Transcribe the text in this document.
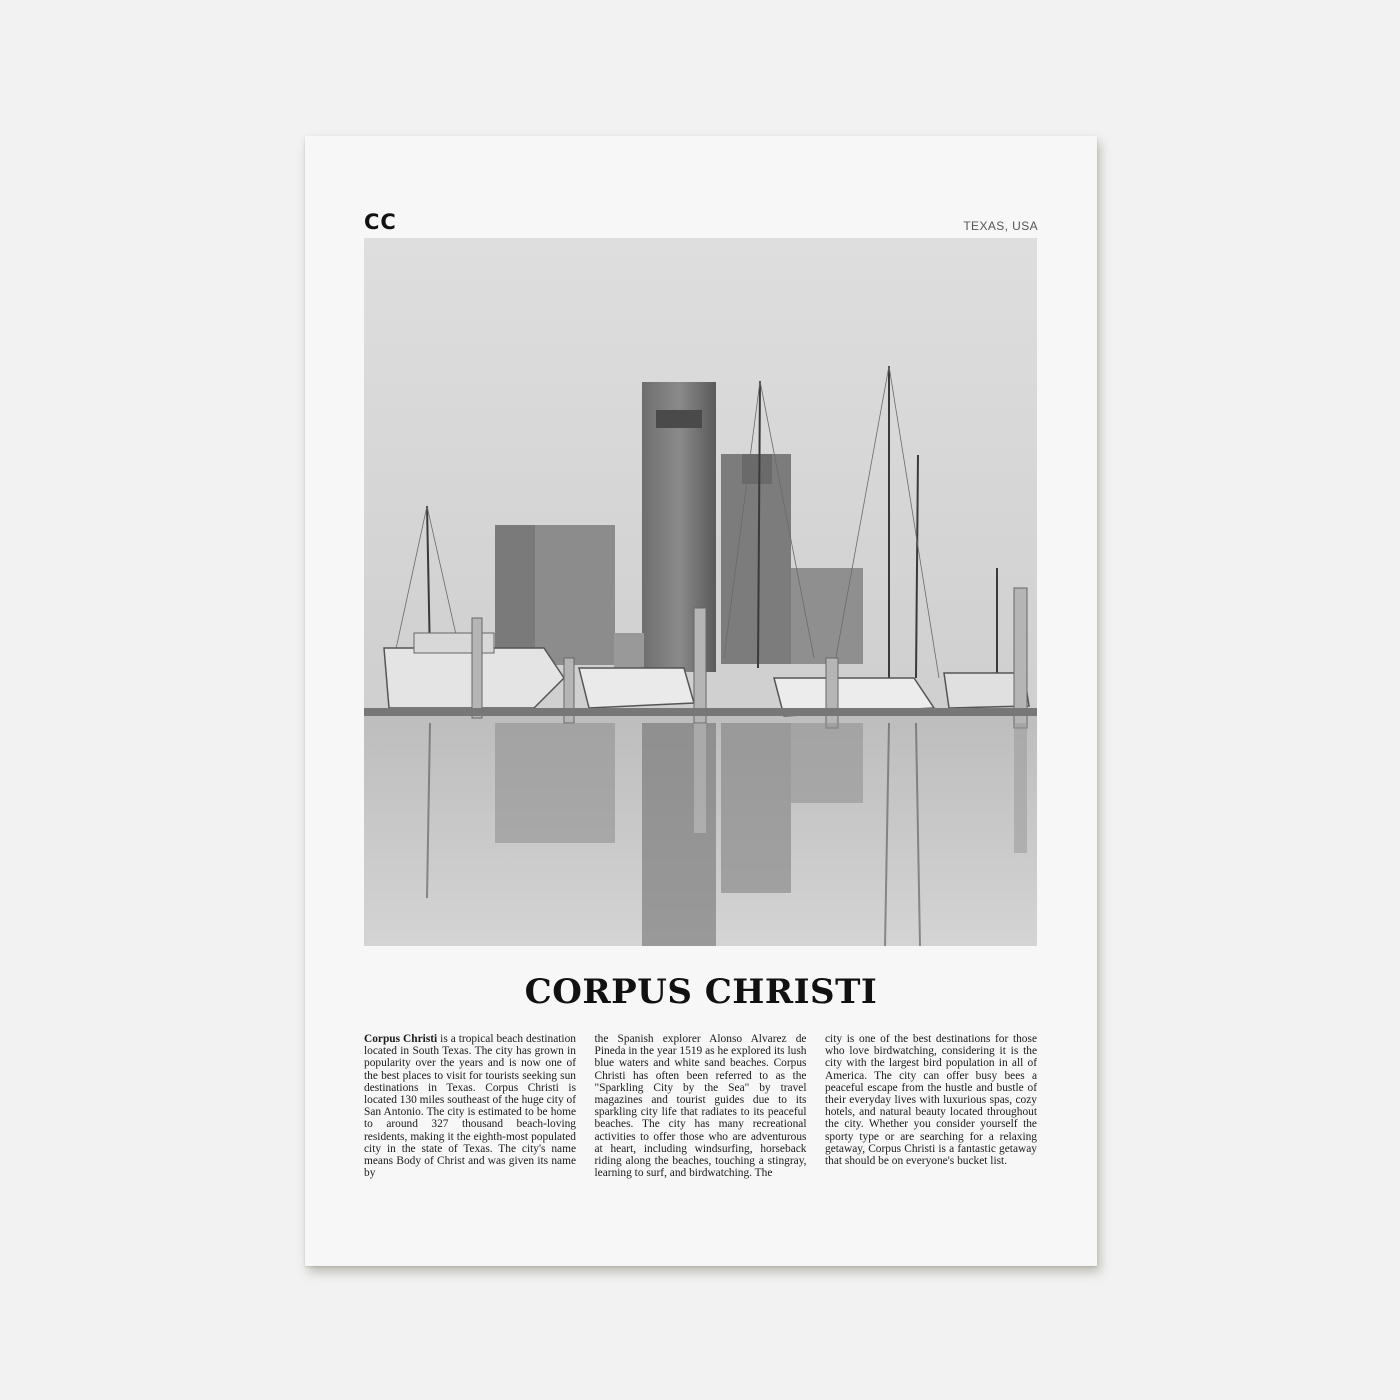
CC	TEXAS, USA
CORPUS CHRISTI
Corpus Christi is a tropical beach destination located in South Texas. The city has grown in popularity over the years and is now one of the best places to visit for tourists seeking sun destinations in Texas. Corpus Christi is located 130 miles southeast of the huge city of San Antonio. The city is estimated to be home to around 327 thousand beach-loving residents, making it the eighth-most populated city in the state of Texas. The city's name means Body of Christ and was given its name by
the Spanish explorer Alonso Alvarez de Pineda in the year 1519 as he explored its lush blue waters and white sand beaches. Corpus Christi has often been referred to as the "Sparkling City by the Sea" by travel magazines and tourist guides due to its sparkling city life that radiates to its peaceful beaches. The city has many recreational activities to offer those who are adventurous at heart, including windsurfing, horseback riding along the beaches, touching a stingray, learning to surf, and birdwatching. The
city is one of the best destinations for those who love birdwatching, considering it is the city with the largest bird population in all of America. The city can offer busy bees a peaceful escape from the hustle and bustle of their everyday lives with luxurious spas, cozy hotels, and natural beauty located throughout the city. Whether you consider yourself the sporty type or are searching for a relaxing getaway, Corpus Christi is a fantastic getaway that should be on everyone's bucket list.
